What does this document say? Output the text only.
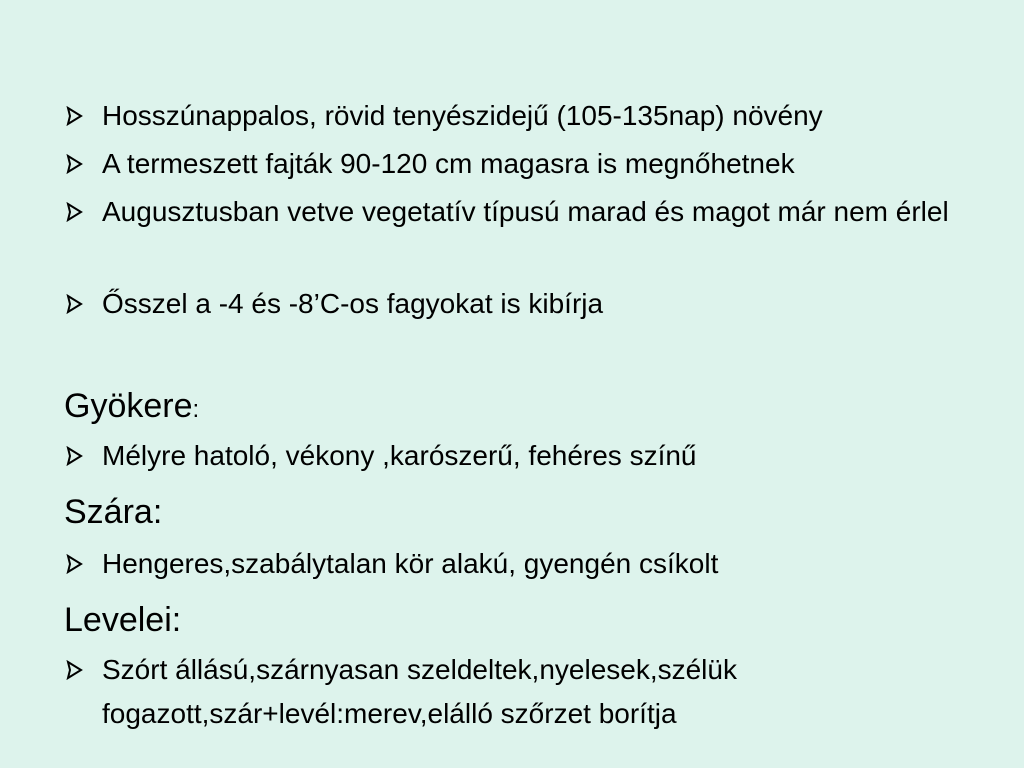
Hosszúnappalos, rövid tenyészidejű (105-135nap) növény
A termeszett fajták 90-120 cm magasra is megnőhetnek
Augusztusban vetve vegetatív típusú marad és magot már nem érlel
Ősszel a -4 és -8’C-os fagyokat is kibírja
Gyökere:
Mélyre hatoló, vékony ,karószerű, fehéres színű
Szára:
Hengeres,szabálytalan kör alakú, gyengén csíkolt
Levelei:
Szórt állású,szárnyasan szeldeltek,nyelesek,szélük fogazott,szár+levél:merev,elálló szőrzet borítja
